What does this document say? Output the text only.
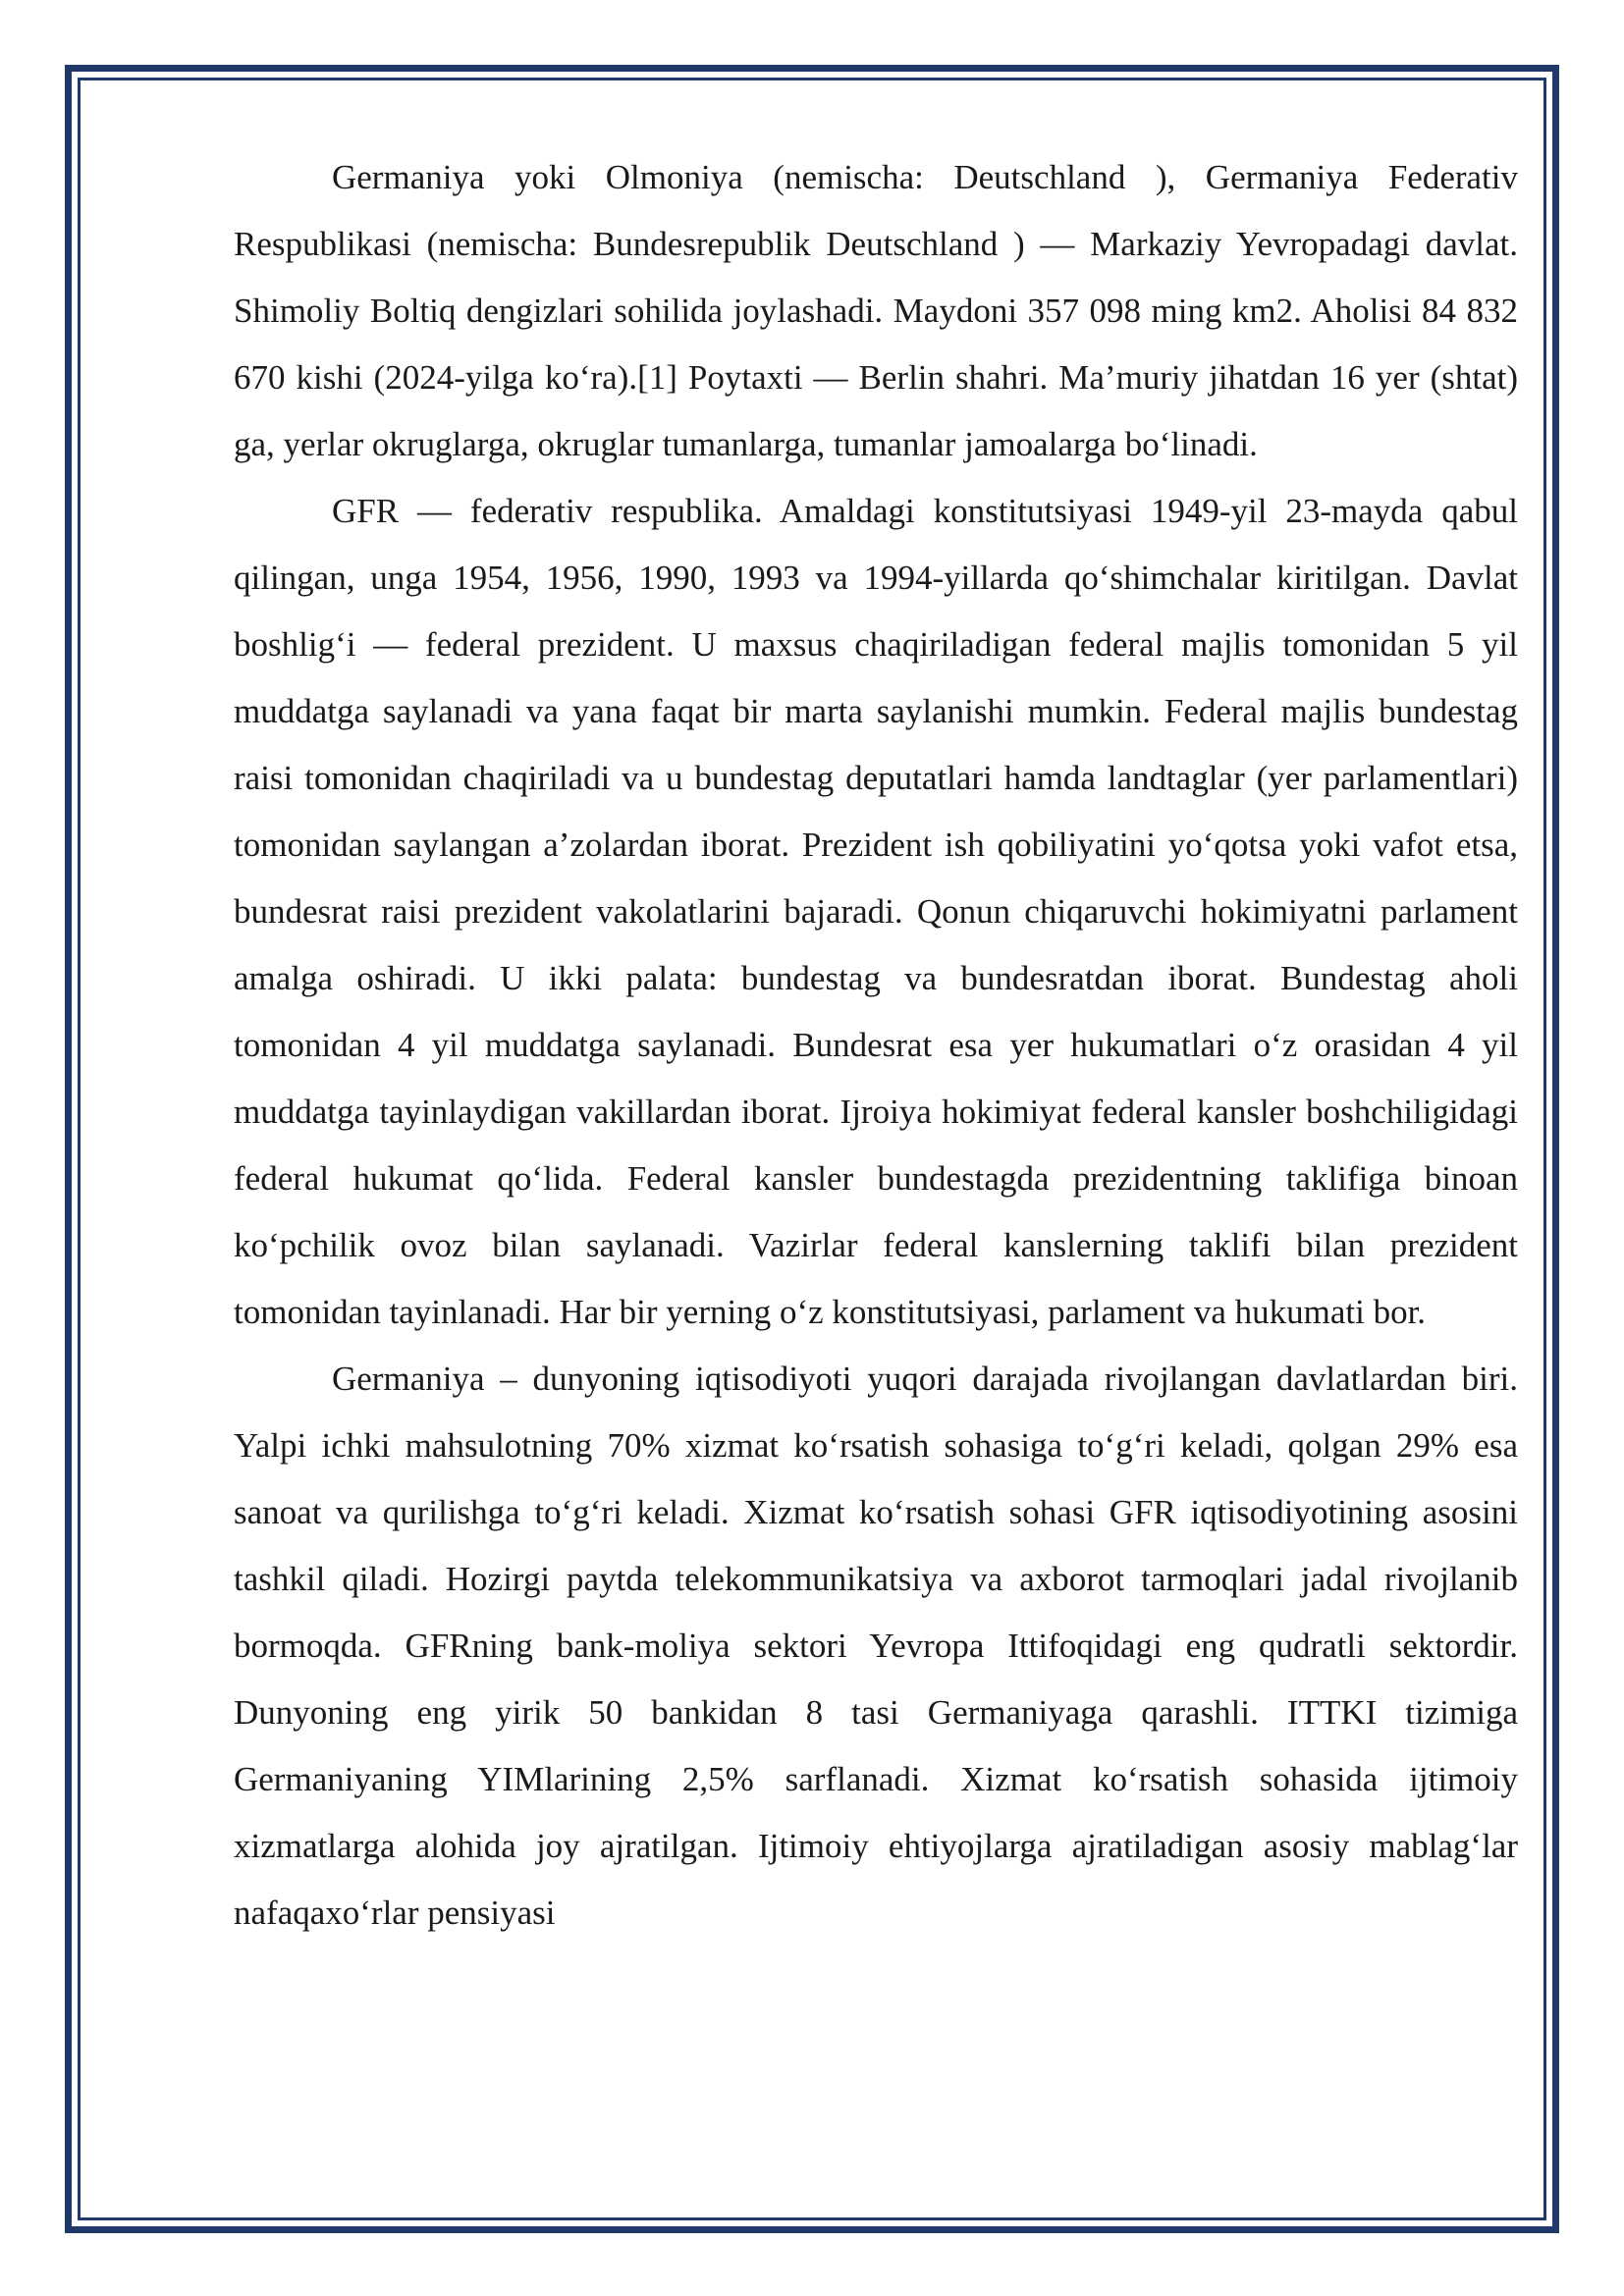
Germaniya yoki Olmoniya (nemischa: Deutschland ), Germaniya Federativ Respublikasi (nemischa: Bundesrepublik Deutschland ) — Markaziy Yevropadagi davlat. Shimoliy Boltiq dengizlari sohilida joylashadi. Maydoni 357 098 ming km2. Aholisi 84 832 670 kishi (2024-yilga ko‘ra).[1] Poytaxti — Berlin shahri. Ma’muriy jihatdan 16 yer (shtat) ga, yerlar okruglarga, okruglar tumanlarga, tumanlar jamoalarga bo‘linadi.

GFR — federativ respublika. Amaldagi konstitutsiyasi 1949-yil 23-mayda qabul qilingan, unga 1954, 1956, 1990, 1993 va 1994-yillarda qo‘shimchalar kiritilgan. Davlat boshlig‘i — federal prezident. U maxsus chaqiriladigan federal majlis tomonidan 5 yil muddatga saylanadi va yana faqat bir marta saylanishi mumkin. Federal majlis bundestag raisi tomonidan chaqiriladi va u bundestag deputatlari hamda landtaglar (yer parlamentlari) tomonidan saylangan a’zolardan iborat. Prezident ish qobiliyatini yo‘qotsa yoki vafot etsa, bundesrat raisi prezident vakolatlarini bajaradi. Qonun chiqaruvchi hokimiyatni parlament amalga oshiradi. U ikki palata: bundestag va bundesratdan iborat. Bundestag aholi tomonidan 4 yil muddatga saylanadi. Bundesrat esa yer hukumatlari o‘z orasidan 4 yil muddatga tayinlaydigan vakillardan iborat. Ijroiya hokimiyat federal kansler boshchiligidagi federal hukumat qo‘lida. Federal kansler bundestagda prezidentning taklifiga binoan ko‘pchilik ovoz bilan saylanadi. Vazirlar federal kanslerning taklifi bilan prezident tomonidan tayinlanadi. Har bir yerning o‘z konstitutsiyasi, parlament va hukumati bor.

Germaniya – dunyoning iqtisodiyoti yuqori darajada rivojlangan davlatlardan biri. Yalpi ichki mahsulotning 70% xizmat ko‘rsatish sohasiga to‘g‘ri keladi, qolgan 29% esa sanoat va qurilishga to‘g‘ri keladi. Xizmat ko‘rsatish sohasi GFR iqtisodiyotining asosini tashkil qiladi. Hozirgi paytda telekommunikatsiya va axborot tarmoqlari jadal rivojlanib bormoqda. GFRning bank-moliya sektori Yevropa Ittifoqidagi eng qudratli sektordir. Dunyoning eng yirik 50 bankidan 8 tasi Germaniyaga qarashli. ITTKI tizimiga Germaniyaning YIMlarining 2,5% sarflanadi. Xizmat ko‘rsatish sohasida ijtimoiy xizmatlarga alohida joy ajratilgan. Ijtimoiy ehtiyojlarga ajratiladigan asosiy mablag‘lar nafaqaxo‘rlar pensiyasi
